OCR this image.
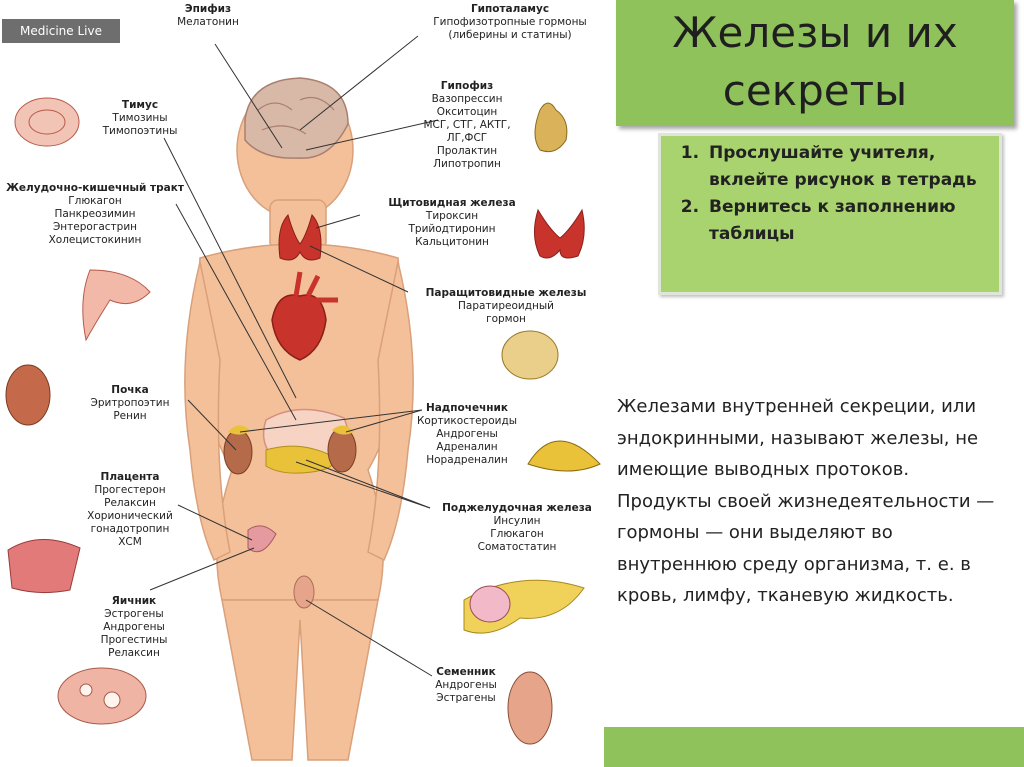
Medicine Live
Эпифиз
Мелатонин
Гипоталамус
Гипофизотропные гормоны
(либерины и статины)
Тимус
Тимозины
Тимопоэтины
Гипофиз
Вазопрессин
Окситоцин
МСГ, СТГ, АКТГ,
ЛГ,ФСГ
Пролактин
Липотропин
Желудочно-кишечный тракт
Глюкагон
Панкреозимин
Энтерогастрин
Холецистокинин
Щитовидная железа
Тироксин
Трийодтиронин
Кальцитонин
Паращитовидные железы
Паратиреоидный
гормон
Почка
Эритропоэтин
Ренин
Надпочечник
Кортикостероиды
Андрогены
Адреналин
Норадреналин
Плацента
Прогестерон
Релаксин
Хорионический
гонадотропин
ХСМ
Поджелудочная железа
Инсулин
Глюкагон
Соматостатин
Яичник
Эстрогены
Андрогены
Прогестины
Релаксин
Семенник
Андрогены
Эстрагены
Железы и их секреты
1. Прослушайте учителя, вклейте рисунок в тетрадь
2. Вернитесь к заполнению таблицы
Железами внутренней секреции, или эндокринными, называют железы, не имеющие выводных протоков. Продукты своей жизнедеятельности — гормоны — они выделяют во внутреннюю среду организма, т. е. в кровь, лимфу, тканевую жидкость.
